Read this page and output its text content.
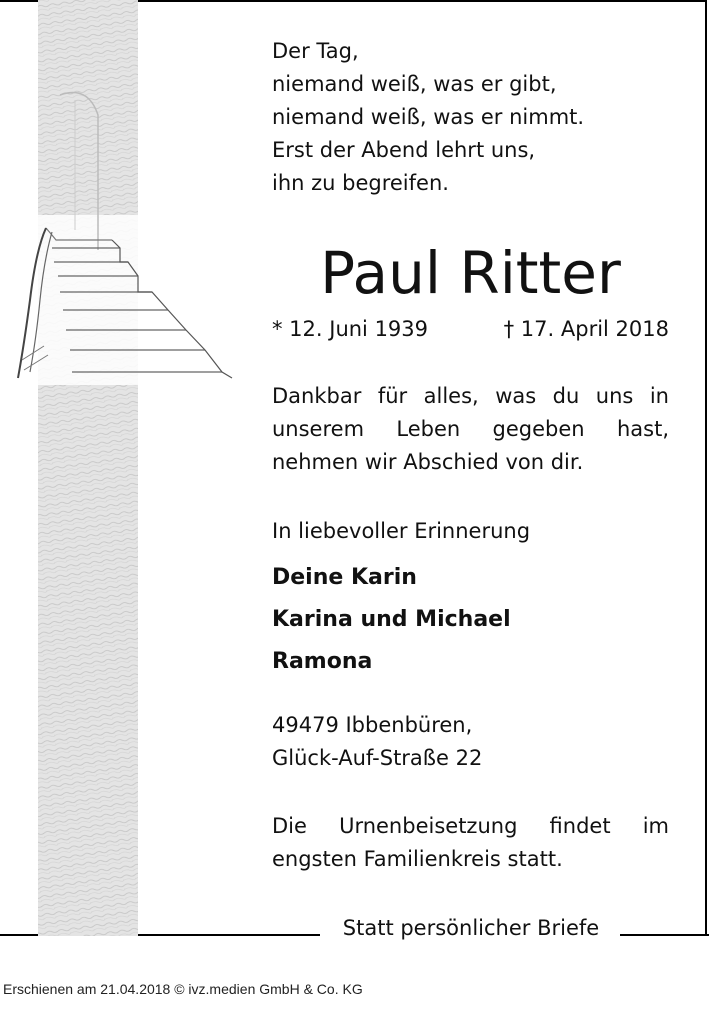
Der Tag,
niemand weiß, was er gibt,
niemand weiß, was er nimmt.
Erst der Abend lehrt uns,
ihn zu begreifen.
Paul Ritter
* 12. Juni 1939	† 17. April 2018
Dankbar für alles, was du uns in unserem Leben gegeben hast, nehmen wir Abschied von dir.
In liebevoller Erinnerung
Deine Karin
Karina und Michael
Ramona
49479 Ibbenbüren,
Glück-Auf-Straße 22
Die Urnenbeisetzung findet im engsten Familienkreis statt.
Statt persönlicher Briefe
Erschienen am 21.04.2018 © ivz.medien GmbH & Co. KG
